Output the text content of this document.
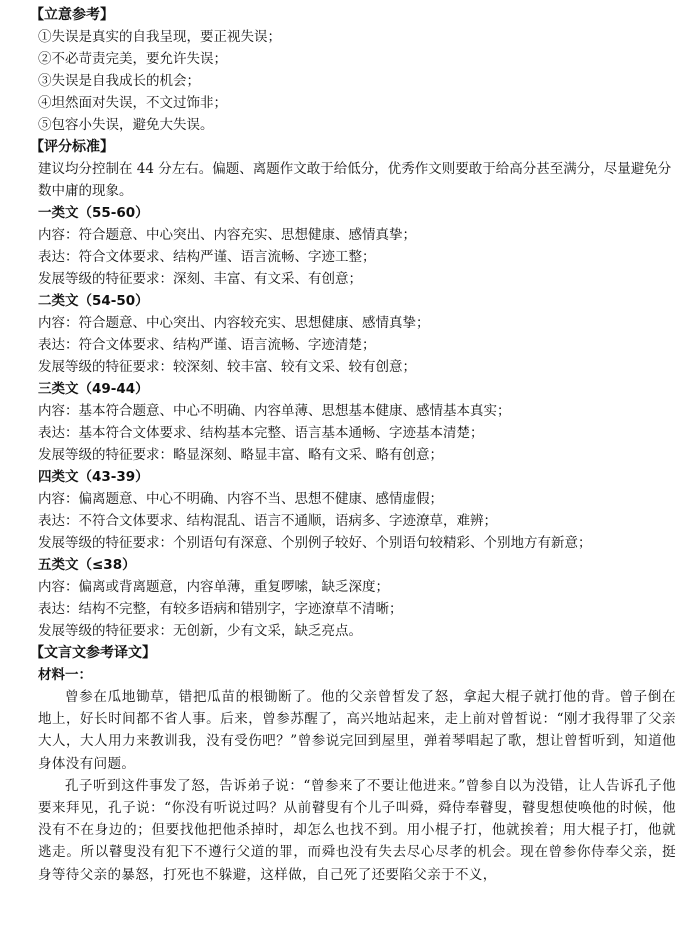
【立意参考】
①失误是真实的自我呈现，要正视失误；
②不必苛责完美，要允许失误；
③失误是自我成长的机会；
④坦然面对失误，不文过饰非；
⑤包容小失误，避免大失误。
【评分标准】
建议均分控制在 44 分左右。偏题、离题作文敢于给低分，优秀作文则要敢于给高分甚至满分，尽量避免分数中庸的现象。
一类文（55-60）
内容：符合题意、中心突出、内容充实、思想健康、感情真挚；
表达：符合文体要求、结构严谨、语言流畅、字迹工整；
发展等级的特征要求：深刻、丰富、有文采、有创意；
二类文（54-50）
内容：符合题意、中心突出、内容较充实、思想健康、感情真挚；
表达：符合文体要求、结构严谨、语言流畅、字迹清楚；
发展等级的特征要求：较深刻、较丰富、较有文采、较有创意；
三类文（49-44）
内容：基本符合题意、中心不明确、内容单薄、思想基本健康、感情基本真实；
表达：基本符合文体要求、结构基本完整、语言基本通畅、字迹基本清楚；
发展等级的特征要求：略显深刻、略显丰富、略有文采、略有创意；
四类文（43-39）
内容：偏离题意、中心不明确、内容不当、思想不健康、感情虚假；
表达：不符合文体要求、结构混乱、语言不通顺，语病多、字迹潦草，难辨；
发展等级的特征要求：个别语句有深意、个别例子较好、个别语句较精彩、个别地方有新意；
五类文（≤38）
内容：偏离或背离题意，内容单薄，重复啰嗦，缺乏深度；
表达：结构不完整，有较多语病和错别字，字迹潦草不清晰；
发展等级的特征要求：无创新，少有文采，缺乏亮点。
【文言文参考译文】
材料一：
曾参在瓜地锄草，错把瓜苗的根锄断了。他的父亲曾皙发了怒，拿起大棍子就打他的背。曾子倒在地上，好长时间都不省人事。后来，曾参苏醒了，高兴地站起来，走上前对曾皙说：“刚才我得罪了父亲大人，大人用力来教训我，没有受伤吧？”曾参说完回到屋里，弹着琴唱起了歌，想让曾皙听到，知道他身体没有问题。
孔子听到这件事发了怒，告诉弟子说：“曾参来了不要让他进来。”曾参自以为没错，让人告诉孔子他要来拜见，孔子说：“你没有听说过吗？从前瞽叟有个儿子叫舜，舜侍奉瞽叟，瞽叟想使唤他的时候，他没有不在身边的；但要找他把他杀掉时，却怎么也找不到。用小棍子打，他就挨着；用大棍子打，他就逃走。所以瞽叟没有犯下不遵行父道的罪，而舜也没有失去尽心尽孝的机会。现在曾参你侍奉父亲，挺身等待父亲的暴怒，打死也不躲避，这样做，自己死了还要陷父亲于不义，
